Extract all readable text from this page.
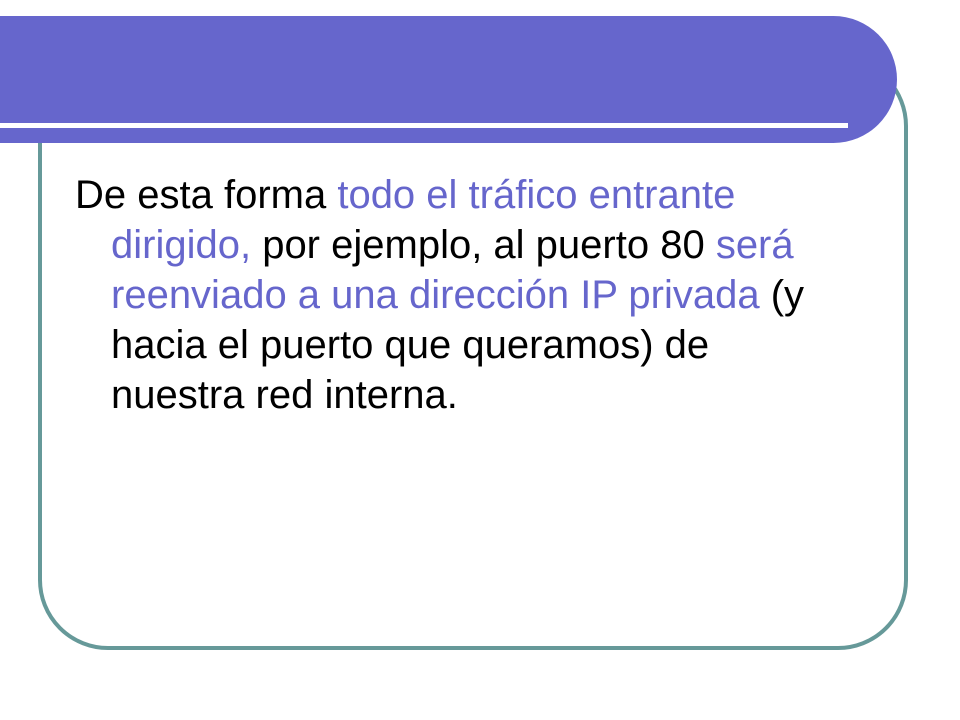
De esta forma todo el tráfico entrante
dirigido, por ejemplo, al puerto 80 será
reenviado a una dirección IP privada (y
hacia el puerto que queramos) de
nuestra red interna.
